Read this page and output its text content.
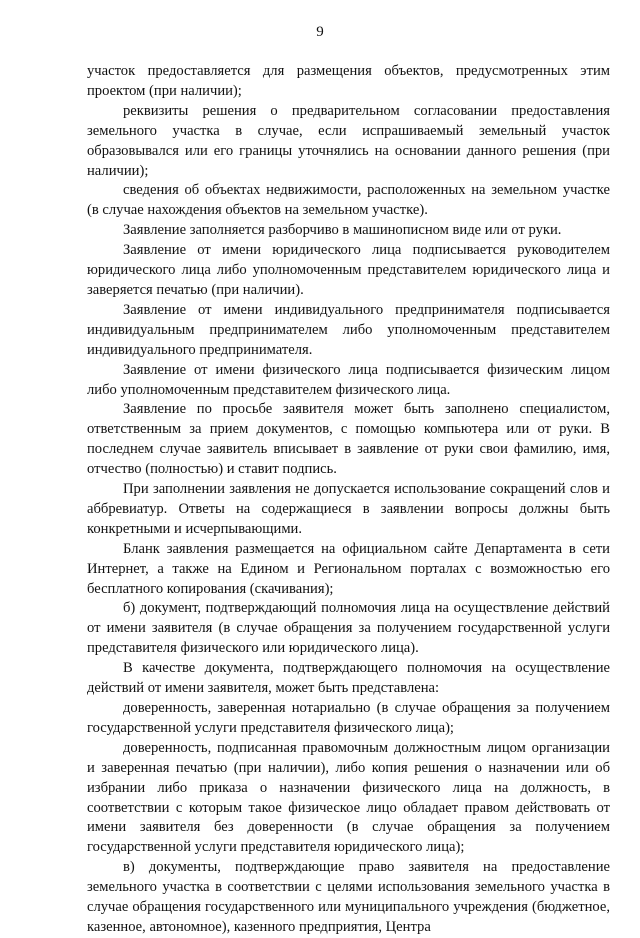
9

участок предоставляется для размещения объектов, предусмотренных этим проектом (при наличии);

реквизиты решения о предварительном согласовании предоставления земельного участка в случае, если испрашиваемый земельный участок образовывался или его границы уточнялись на основании данного решения (при наличии);

сведения об объектах недвижимости, расположенных на земельном участке (в случае нахождения объектов на земельном участке).

Заявление заполняется разборчиво в машинописном виде или от руки.

Заявление от имени юридического лица подписывается руководителем юридического лица либо уполномоченным представителем юридического лица и заверяется печатью (при наличии).

Заявление от имени индивидуального предпринимателя подписывается индивидуальным предпринимателем либо уполномоченным представителем индивидуального предпринимателя.

Заявление от имени физического лица подписывается физическим лицом либо уполномоченным представителем физического лица.

Заявление по просьбе заявителя может быть заполнено специалистом, ответственным за прием документов, с помощью компьютера или от руки. В последнем случае заявитель вписывает в заявление от руки свои фамилию, имя, отчество (полностью) и ставит подпись.

При заполнении заявления не допускается использование сокращений слов и аббревиатур. Ответы на содержащиеся в заявлении вопросы должны быть конкретными и исчерпывающими.

Бланк заявления размещается на официальном сайте Департамента в сети Интернет, а также на Едином и Региональном порталах с возможностью его бесплатного копирования (скачивания);

б) документ, подтверждающий полномочия лица на осуществление действий от имени заявителя (в случае обращения за получением государственной услуги представителя физического или юридического лица).

В качестве документа, подтверждающего полномочия на осуществление действий от имени заявителя, может быть представлена:

доверенность, заверенная нотариально (в случае обращения за получением государственной услуги представителя физического лица);

доверенность, подписанная правомочным должностным лицом организации и заверенная печатью (при наличии), либо копия решения о назначении или об избрании либо приказа о назначении физического лица на должность, в соответствии с которым такое физическое лицо обладает правом действовать от имени заявителя без доверенности (в случае обращения за получением государственной услуги представителя юридического лица);

в) документы, подтверждающие право заявителя на предоставление земельного участка в соответствии с целями использования земельного участка в случае обращения государственного или муниципального учреждения (бюджетное, казенное, автономное), казенного предприятия, Центра
